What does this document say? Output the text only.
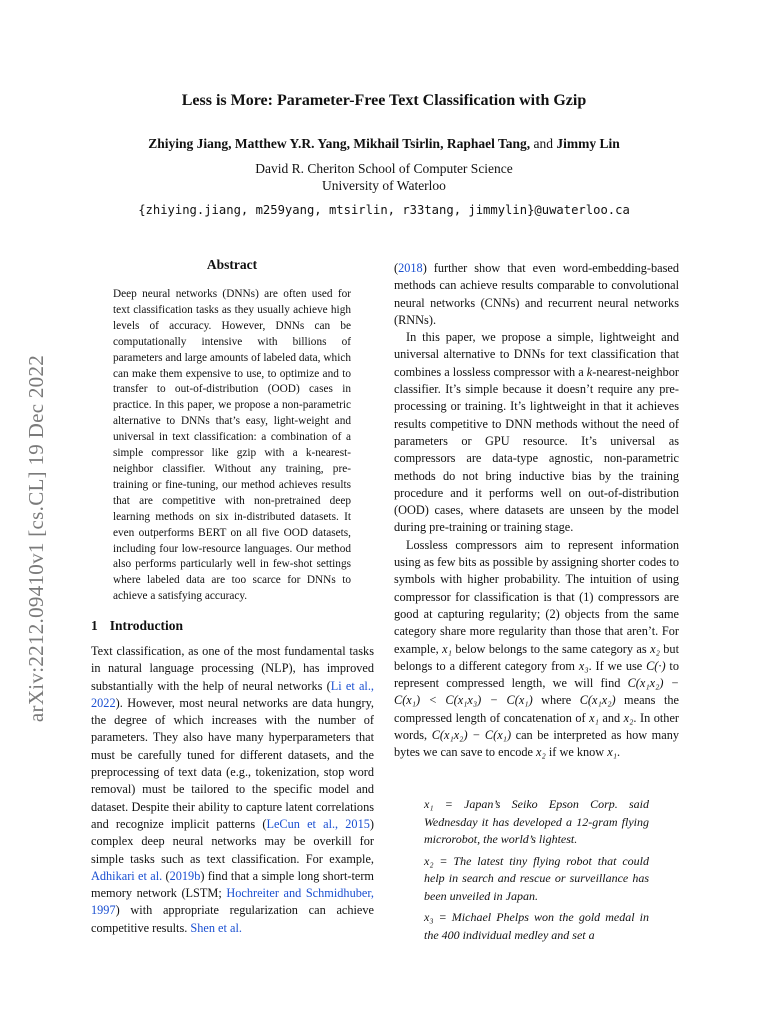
arXiv:2212.09410v1 [cs.CL] 19 Dec 2022
Less is More: Parameter-Free Text Classification with Gzip
Zhiying Jiang, Matthew Y.R. Yang, Mikhail Tsirlin, Raphael Tang, and Jimmy Lin
David R. Cheriton School of Computer Science
University of Waterloo
{zhiying.jiang, m259yang, mtsirlin, r33tang, jimmylin}@uwaterloo.ca
Abstract
Deep neural networks (DNNs) are often used for text classification tasks as they usually achieve high levels of accuracy. However, DNNs can be computationally intensive with billions of parameters and large amounts of labeled data, which can make them expensive to use, to optimize and to transfer to out-of-distribution (OOD) cases in practice. In this paper, we propose a non-parametric alternative to DNNs that’s easy, light-weight and universal in text classification: a combination of a simple compressor like gzip with a k-nearest-neighbor classifier. Without any training, pre-training or fine-tuning, our method achieves results that are competitive with non-pretrained deep learning methods on six in-distributed datasets. It even outperforms BERT on all five OOD datasets, including four low-resource languages. Our method also performs particularly well in few-shot settings where labeled data are too scarce for DNNs to achieve a satisfying accuracy.
1 Introduction

Text classification, as one of the most fundamental tasks in natural language processing (NLP), has improved substantially with the help of neural networks (Li et al., 2022). However, most neural networks are data hungry, the degree of which increases with the number of parameters. They also have many hyperparameters that must be carefully tuned for different datasets, and the preprocessing of text data (e.g., tokenization, stop word removal) must be tailored to the specific model and dataset. Despite their ability to capture latent correlations and recognize implicit patterns (LeCun et al., 2015) complex deep neural networks may be overkill for simple tasks such as text classification. For example, Adhikari et al. (2019b) find that a simple long short-term memory network (LSTM; Hochreiter and Schmidhuber, 1997) with appropriate regularization can achieve competitive results. Shen et al.

(2018) further show that even word-embedding-based methods can achieve results comparable to convolutional neural networks (CNNs) and recurrent neural networks (RNNs).

In this paper, we propose a simple, lightweight and universal alternative to DNNs for text classification that combines a lossless compressor with a k-nearest-neighbor classifier. It’s simple because it doesn’t require any pre-processing or training. It’s lightweight in that it achieves results competitive to DNN methods without the need of parameters or GPU resource. It’s universal as compressors are data-type agnostic, non-parametric methods do not bring inductive bias by the training procedure and it performs well on out-of-distribution (OOD) cases, where datasets are unseen by the model during pre-training or training stage.

Lossless compressors aim to represent information using as few bits as possible by assigning shorter codes to symbols with higher probability. The intuition of using compressor for classification is that (1) compressors are good at capturing regularity; (2) objects from the same category share more regularity than those that aren’t. For example, x₁ below belongs to the same category as x₂ but belongs to a different category from x₃. If we use C(·) to represent compressed length, we will find C(x₁x₂) − C(x₁) < C(x₁x₃) − C(x₁) where C(x₁x₂) means the compressed length of concatenation of x₁ and x₂. In other words, C(x₁x₂) − C(x₁) can be interpreted as how many bytes we can save to encode x₂ if we know x₁.

x₁ = Japan’s Seiko Epson Corp. said Wednesday it has developed a 12-gram flying microrobot, the world’s lightest.

x₂ = The latest tiny flying robot that could help in search and rescue or surveillance has been unveiled in Japan.

x₃ = Michael Phelps won the gold medal in the 400 individual medley and set a
